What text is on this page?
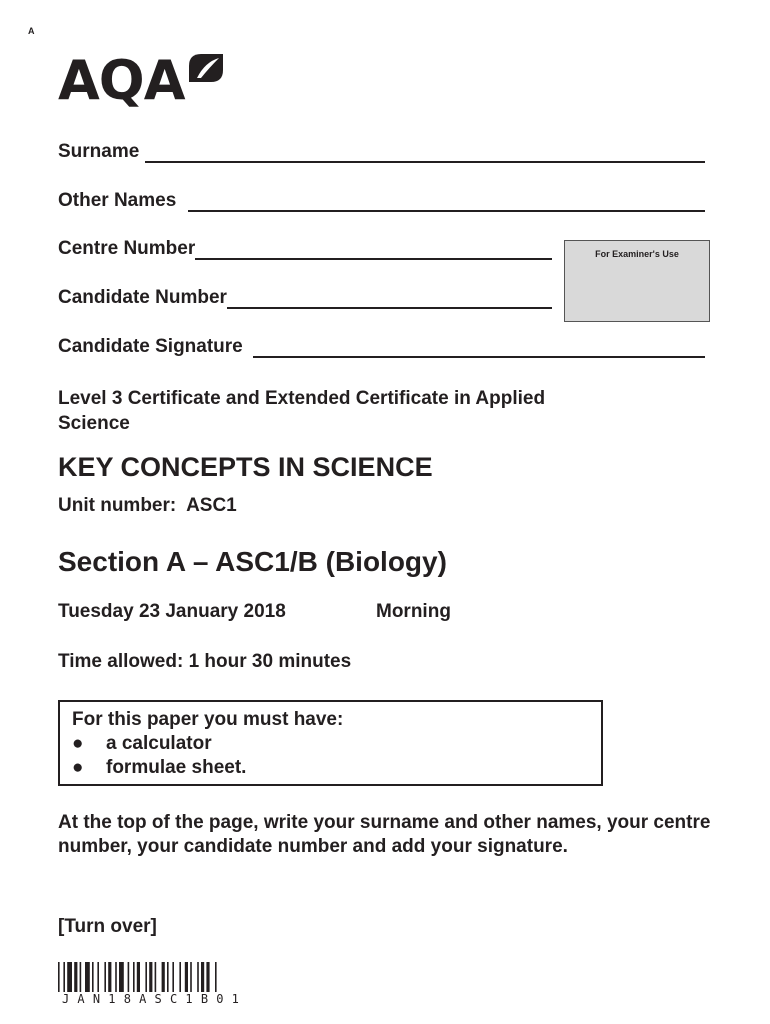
A
AQA
Surname
Other Names
Centre Number
Candidate Number
Candidate Signature
For Examiner's Use
Level 3 Certificate and Extended Certificate in Applied Science
KEY CONCEPTS IN SCIENCE
Unit number:  ASC1
Section A – ASC1/B (Biology)
Tuesday 23 January 2018	Morning
Time allowed: 1 hour 30 minutes
For this paper you must have:
●	a calculator
●	formulae sheet.
At the top of the page, write your surname and other names, your centre number, your candidate number and add your signature.
[Turn over]
JAN18ASC1B01
